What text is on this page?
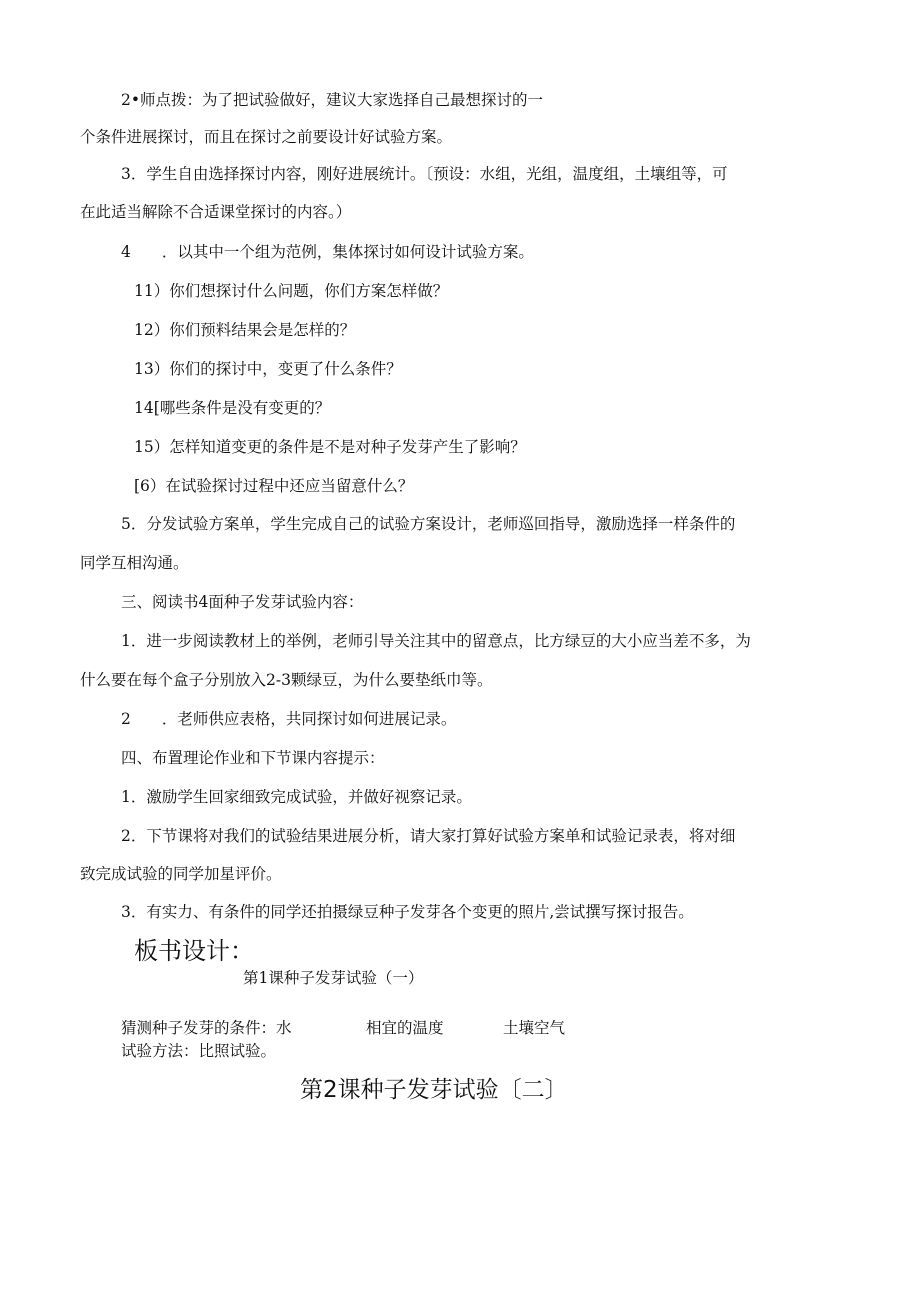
2•师点拨：为了把试验做好，建议大家选择自己最想探讨的一

个条件进展探讨，而且在探讨之前要设计好试验方案。

3．学生自由选择探讨内容，刚好进展统计。〔预设：水组，光组，温度组，土壤组等，可

在此适当解除不合适课堂探讨的内容。）

4　　．以其中一个组为范例，集体探讨如何设计试验方案。

11）你们想探讨什么问题，你们方案怎样做？

12）你们预料结果会是怎样的？

13）你们的探讨中，变更了什么条件？

14[哪些条件是没有变更的？

15）怎样知道变更的条件是不是对种子发芽产生了影响？

[6）在试验探讨过程中还应当留意什么？

5．分发试验方案单，学生完成自己的试验方案设计，老师巡回指导，激励选择一样条件的

同学互相沟通。

三、阅读书4面种子发芽试验内容：

1．进一步阅读教材上的举例，老师引导关注其中的留意点，比方绿豆的大小应当差不多，为

什么要在每个盒子分别放入2-3颗绿豆，为什么要垫纸巾等。

2　　．老师供应表格，共同探讨如何进展记录。

四、布置理论作业和下节课内容提示：

1．激励学生回家细致完成试验，并做好视察记录。

2．下节课将对我们的试验结果进展分析，请大家打算好试验方案单和试验记录表，将对细

致完成试验的同学加星评价。

3．有实力、有条件的同学还拍摄绿豆种子发芽各个变更的照片,尝试撰写探讨报告。

板书设计：

第1课种子发芽试验（一）

猜测种子发芽的条件：水	相宜的温度	土壤空气
试验方法：比照试验。
第2课种子发芽试验〔二〕
